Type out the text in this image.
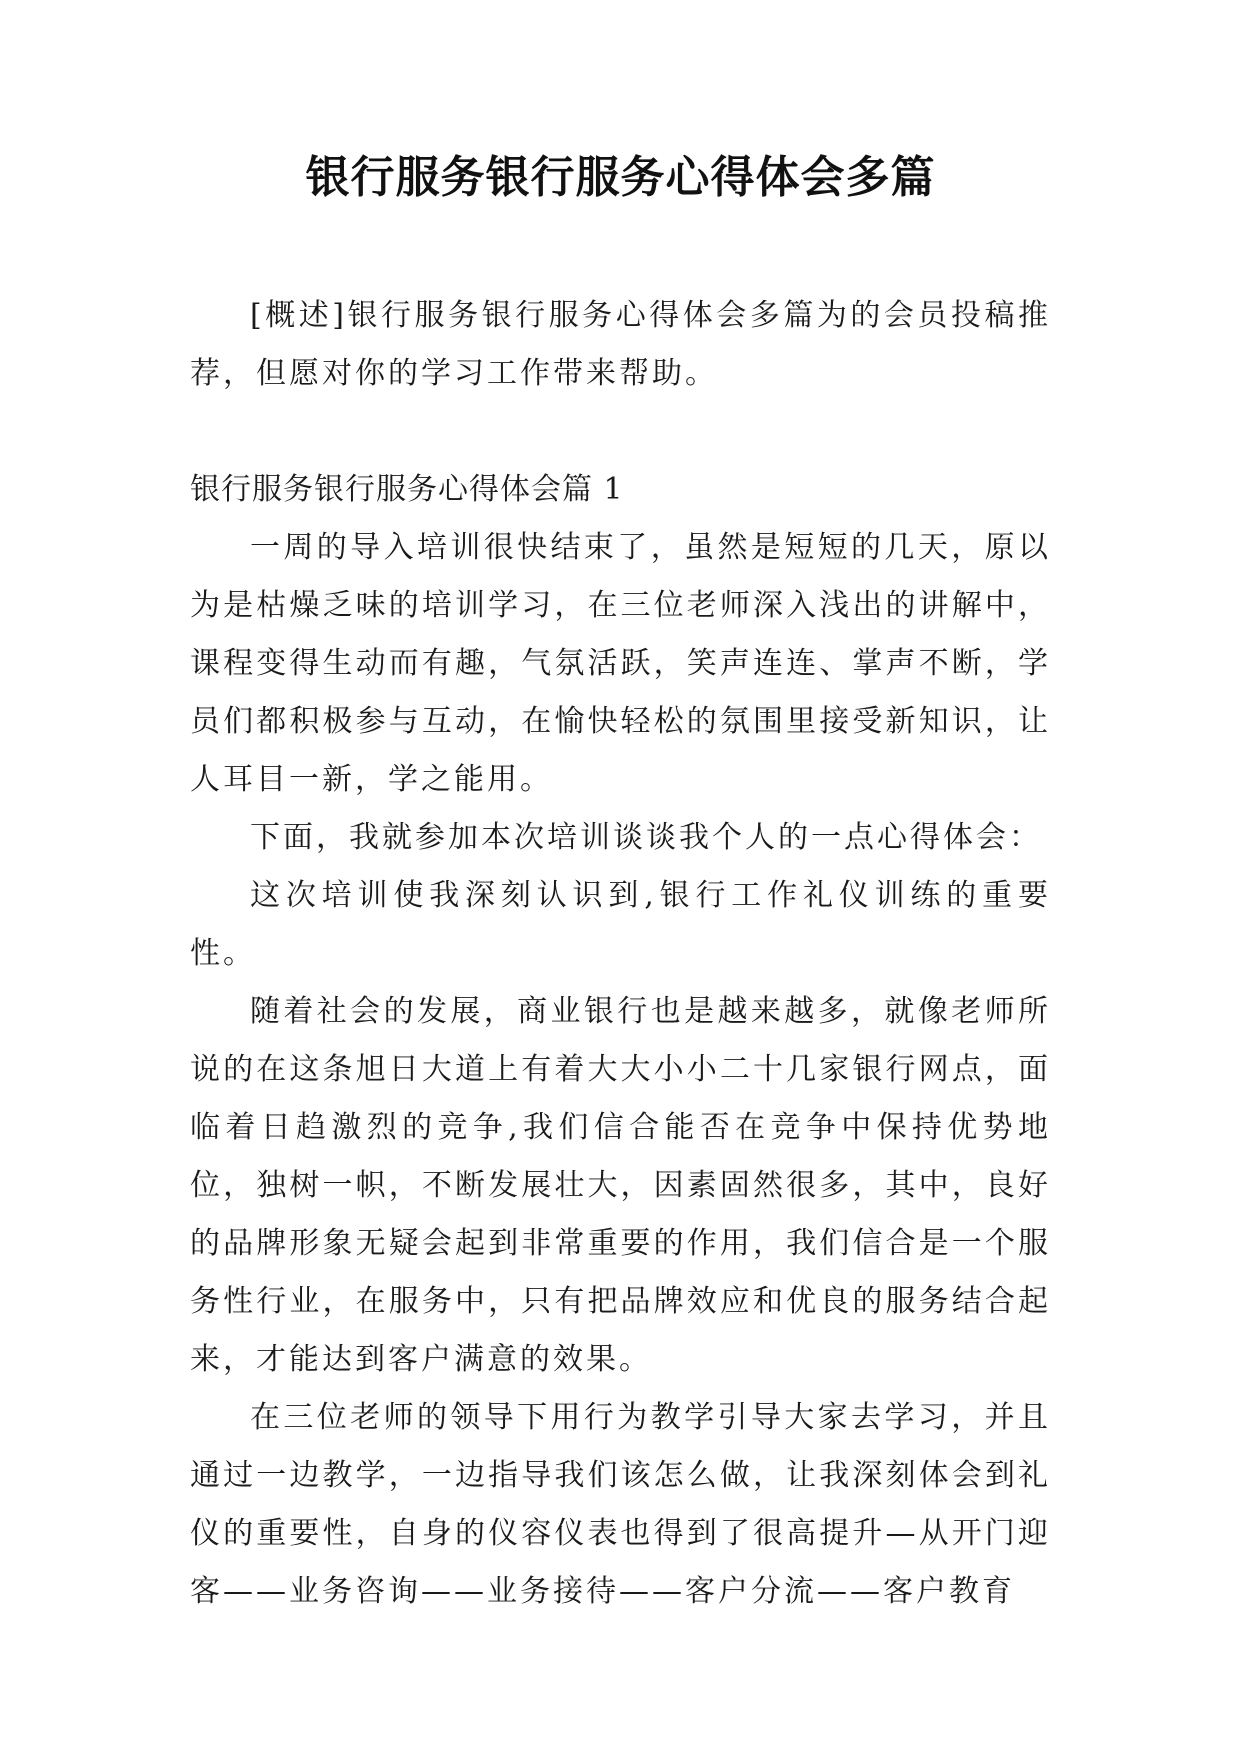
银行服务银行服务心得体会多篇

[概述]银行服务银行服务心得体会多篇为的会员投稿推荐，但愿对你的学习工作带来帮助。

银行服务银行服务心得体会篇 1

一周的导入培训很快结束了，虽然是短短的几天，原以为是枯燥乏味的培训学习，在三位老师深入浅出的讲解中，课程变得生动而有趣，气氛活跃，笑声连连、掌声不断，学员们都积极参与互动，在愉快轻松的氛围里接受新知识，让人耳目一新，学之能用。

下面，我就参加本次培训谈谈我个人的一点心得体会：

这次培训使我深刻认识到,银行工作礼仪训练的重要性。

随着社会的发展，商业银行也是越来越多，就像老师所说的在这条旭日大道上有着大大小小二十几家银行网点，面临着日趋激烈的竞争,我们信合能否在竞争中保持优势地位，独树一帜，不断发展壮大，因素固然很多，其中，良好的品牌形象无疑会起到非常重要的作用，我们信合是一个服务性行业，在服务中，只有把品牌效应和优良的服务结合起来，才能达到客户满意的效果。

在三位老师的领导下用行为教学引导大家去学习，并且通过一边教学，一边指导我们该怎么做，让我深刻体会到礼仪的重要性，自身的仪容仪表也得到了很高提升—从开门迎客——业务咨询——业务接待——客户分流——客户教育
